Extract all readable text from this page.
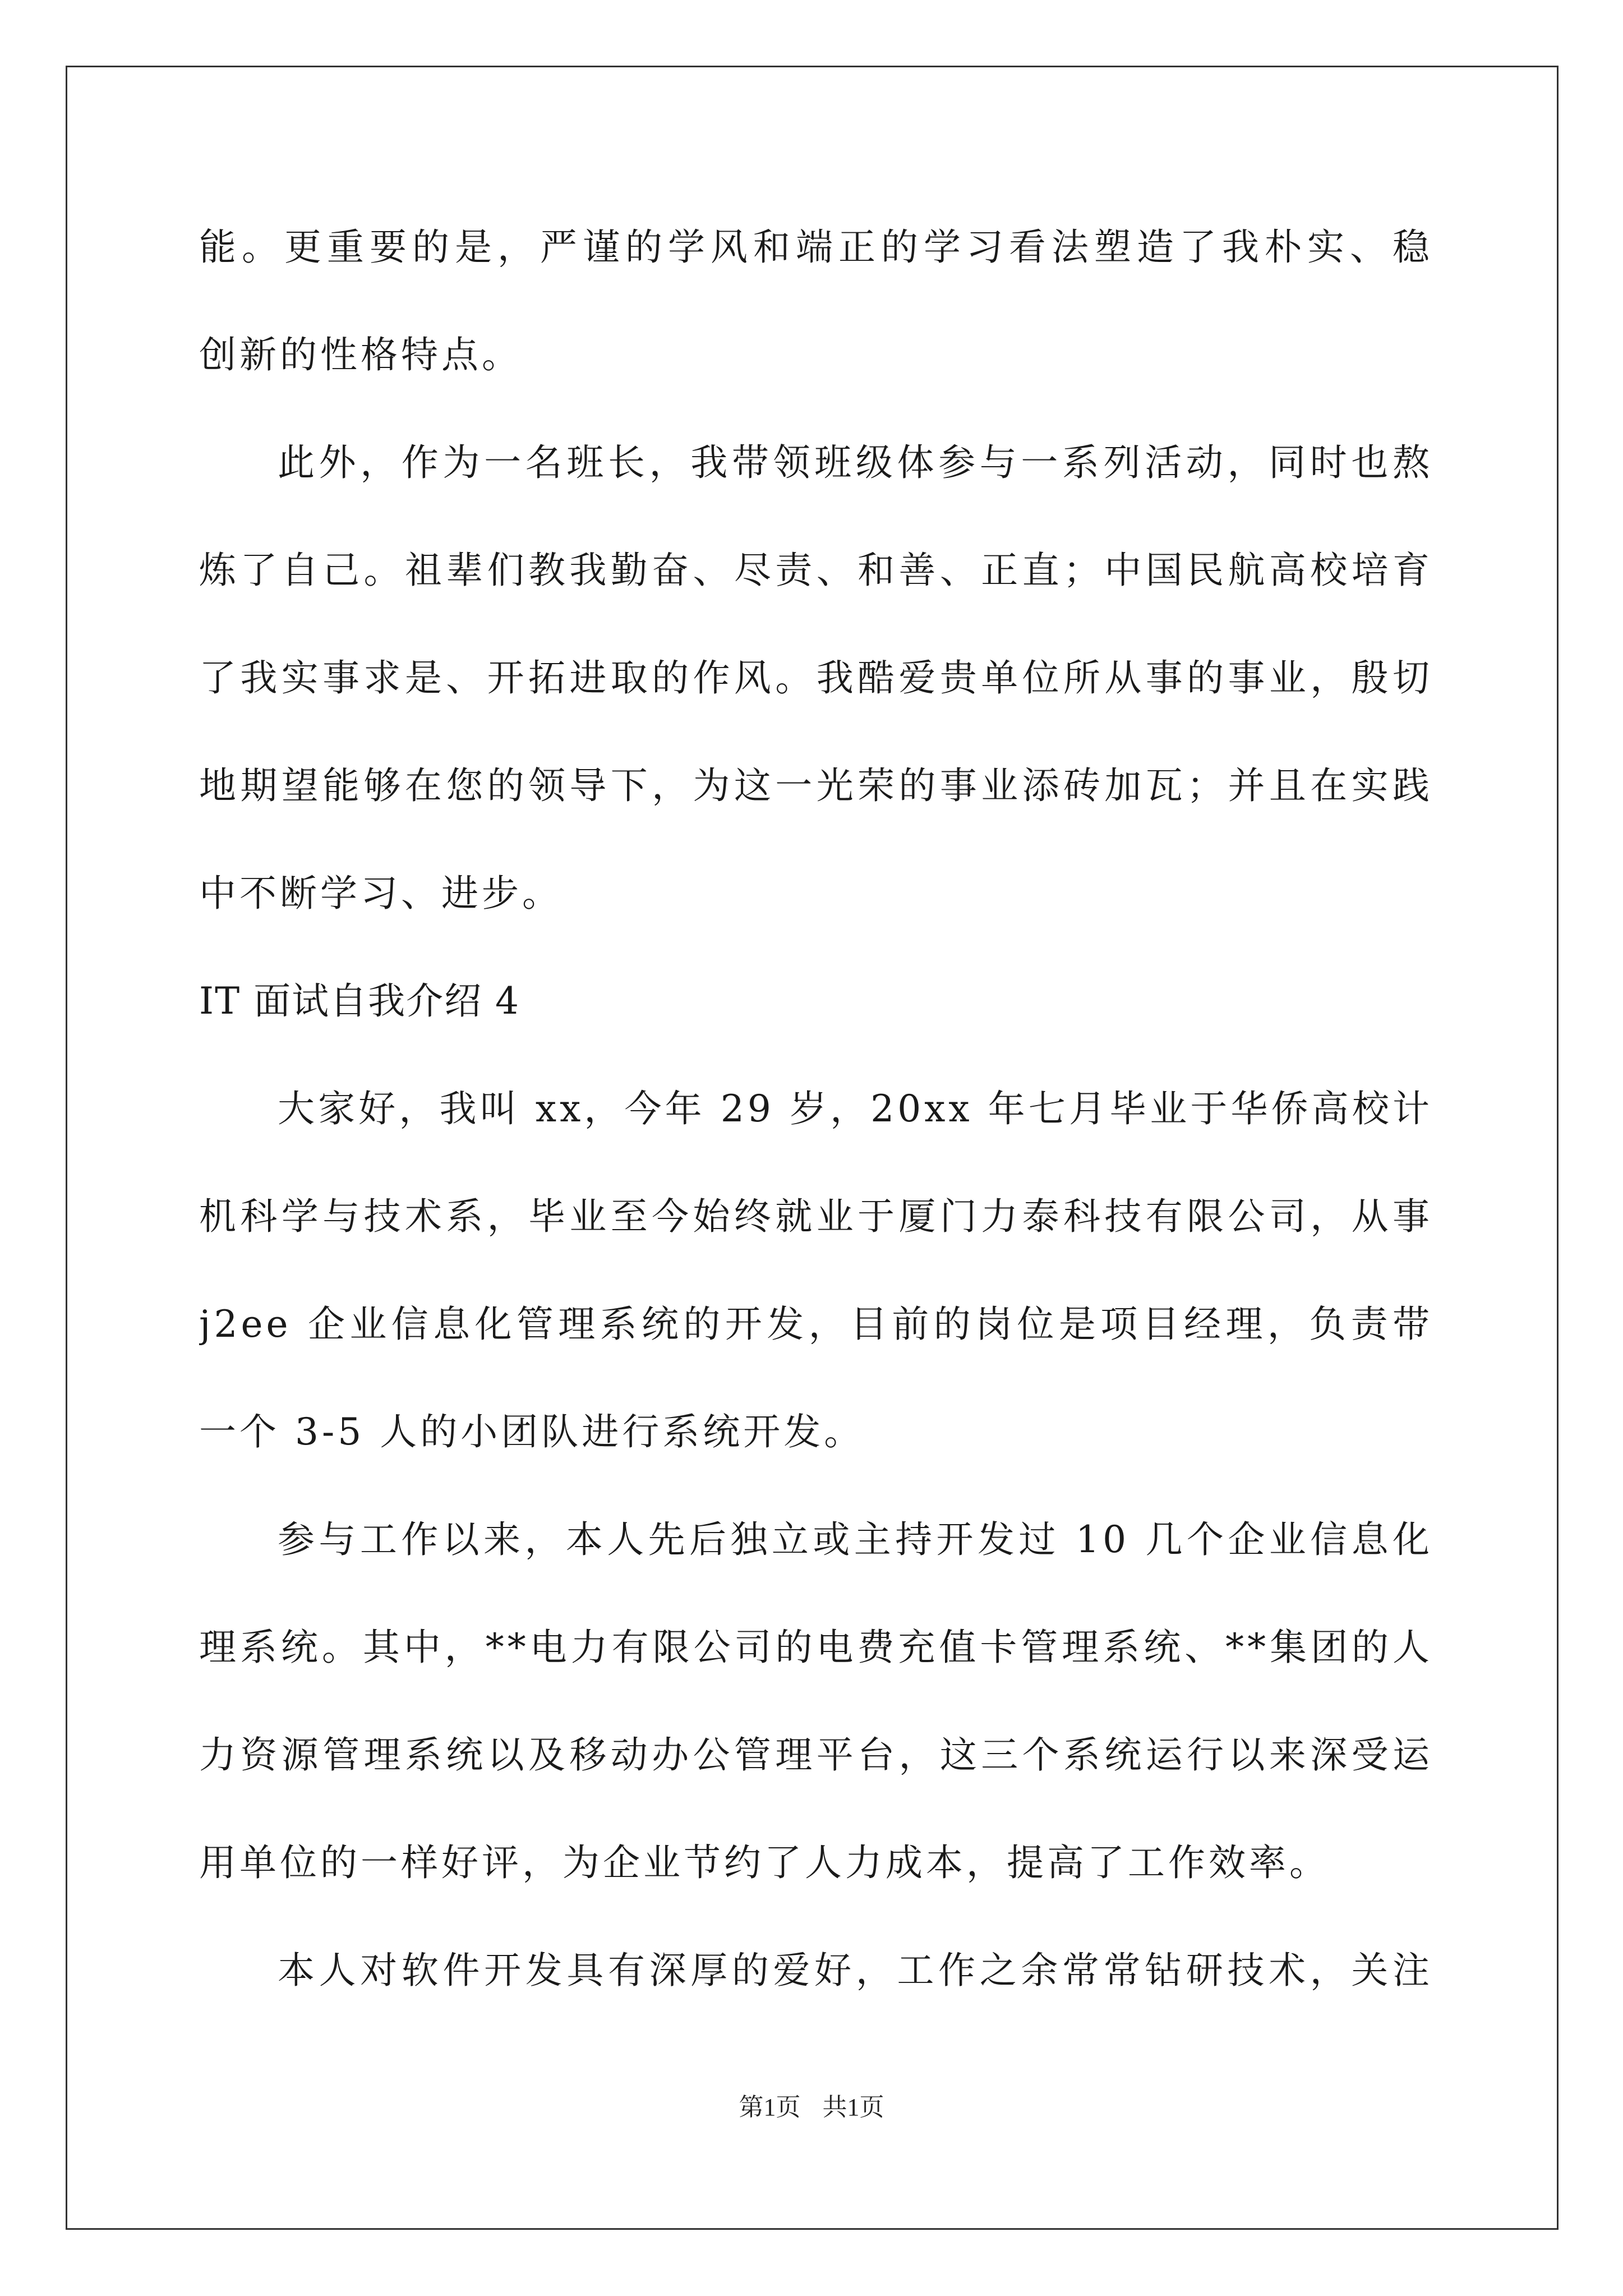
能。更重要的是，严谨的学风和端正的学习看法塑造了我朴实、稳
创新的性格特点。
此外，作为一名班长，我带领班级体参与一系列活动，同时也熬
炼了自己。祖辈们教我勤奋、尽责、和善、正直；中国民航高校培育
了我实事求是、开拓进取的作风。我酷爱贵单位所从事的事业，殷切
地期望能够在您的领导下，为这一光荣的事业添砖加瓦；并且在实践
中不断学习、进步。
IT 面试自我介绍 4
大家好，我叫 xx，今年 29 岁，20xx 年七月毕业于华侨高校计
机科学与技术系，毕业至今始终就业于厦门力泰科技有限公司，从事
j2ee 企业信息化管理系统的开发，目前的岗位是项目经理，负责带
一个 3-5 人的小团队进行系统开发。
参与工作以来，本人先后独立或主持开发过 10 几个企业信息化
理系统。其中，**电力有限公司的电费充值卡管理系统、**集团的人
力资源管理系统以及移动办公管理平台，这三个系统运行以来深受运
用单位的一样好评，为企业节约了人力成本，提高了工作效率。
本人对软件开发具有深厚的爱好，工作之余常常钻研技术，关注
第1页 共1页
